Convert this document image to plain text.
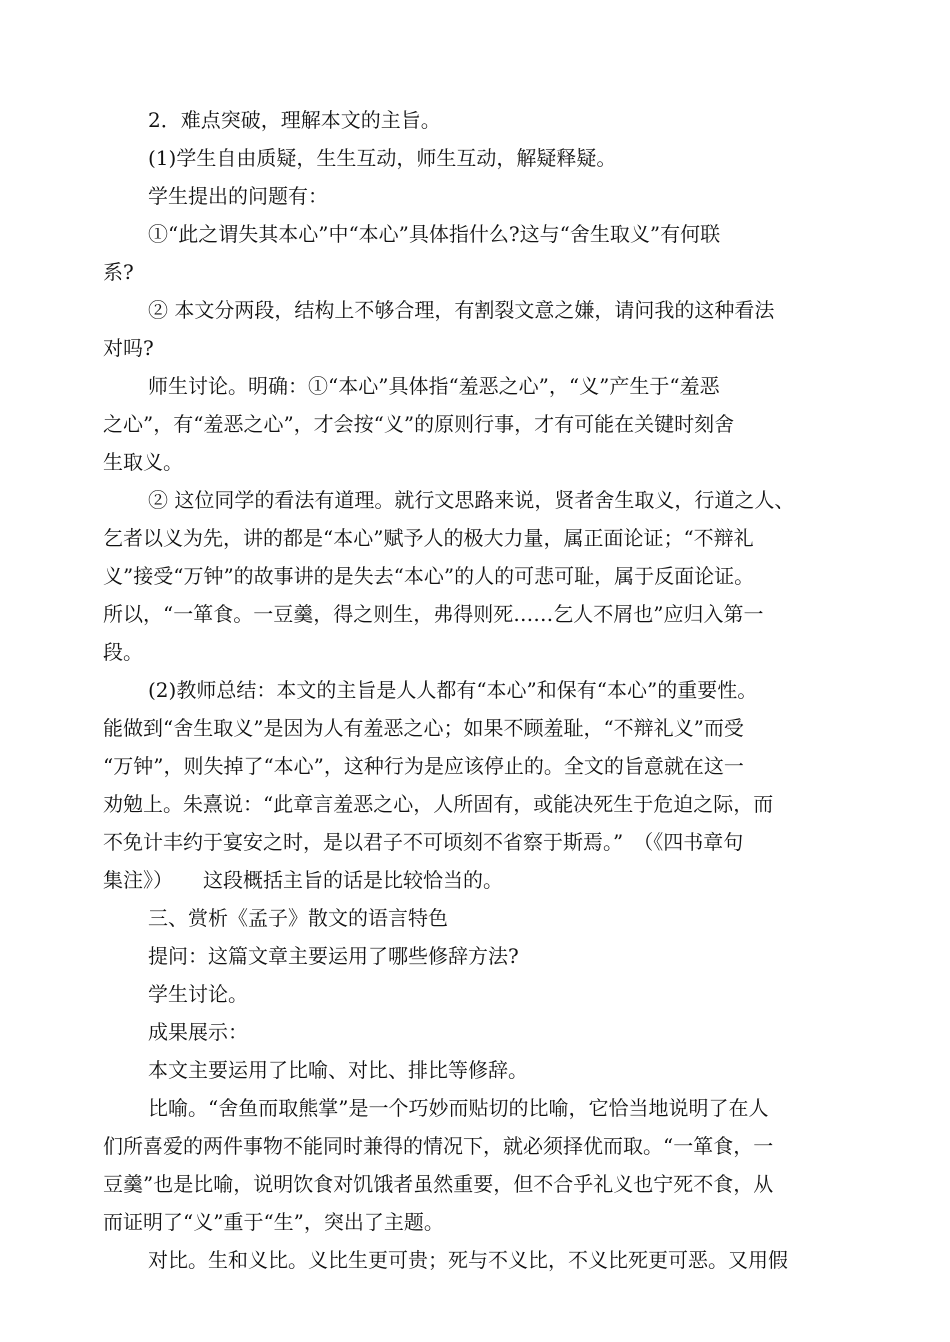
2．难点突破，理解本文的主旨。
(1)学生自由质疑，生生互动，师生互动，解疑释疑。
学生提出的问题有：
①“此之谓失其本心”中“本心”具体指什么?这与“舍生取义”有何联
系?
② 本文分两段，结构上不够合理，有割裂文意之嫌，请问我的这种看法
对吗?
师生讨论。明确：①“本心”具体指“羞恶之心”，“义”产生于“羞恶
之心”，有“羞恶之心”，才会按“义”的原则行事，才有可能在关键时刻舍
生取义。
② 这位同学的看法有道理。就行文思路来说，贤者舍生取义，行道之人、
乞者以义为先，讲的都是“本心”赋予人的极大力量，属正面论证；“不辩礼
义”接受“万钟”的故事讲的是失去“本心”的人的可悲可耻，属于反面论证。
所以，“一箪食。一豆羹，得之则生，弗得则死……乞人不屑也”应归入第一
段。
(2)教师总结：本文的主旨是人人都有“本心”和保有“本心”的重要性。
能做到“舍生取义”是因为人有羞恶之心；如果不顾羞耻，“不辩礼义”而受
“万钟”，则失掉了“本心”，这种行为是应该停止的。全文的旨意就在这一
劝勉上。朱熹说：“此章言羞恶之心，人所固有，或能决死生于危迫之际，而
不免计丰约于宴安之时，是以君子不可顷刻不省察于斯焉。”　（《四书章句
集注》）　　这段概括主旨的话是比较恰当的。
三、赏析《孟子》散文的语言特色
提问：这篇文章主要运用了哪些修辞方法?
学生讨论。
成果展示：
本文主要运用了比喻、对比、排比等修辞。
比喻。“舍鱼而取熊掌”是一个巧妙而贴切的比喻，它恰当地说明了在人
们所喜爱的两件事物不能同时兼得的情况下，就必须择优而取。“一箪食，一
豆羹”也是比喻，说明饮食对饥饿者虽然重要，但不合乎礼义也宁死不食，从
而证明了“义”重于“生”，突出了主题。
对比。生和义比。义比生更可贵；死与不义比，不义比死更可恶。又用假
